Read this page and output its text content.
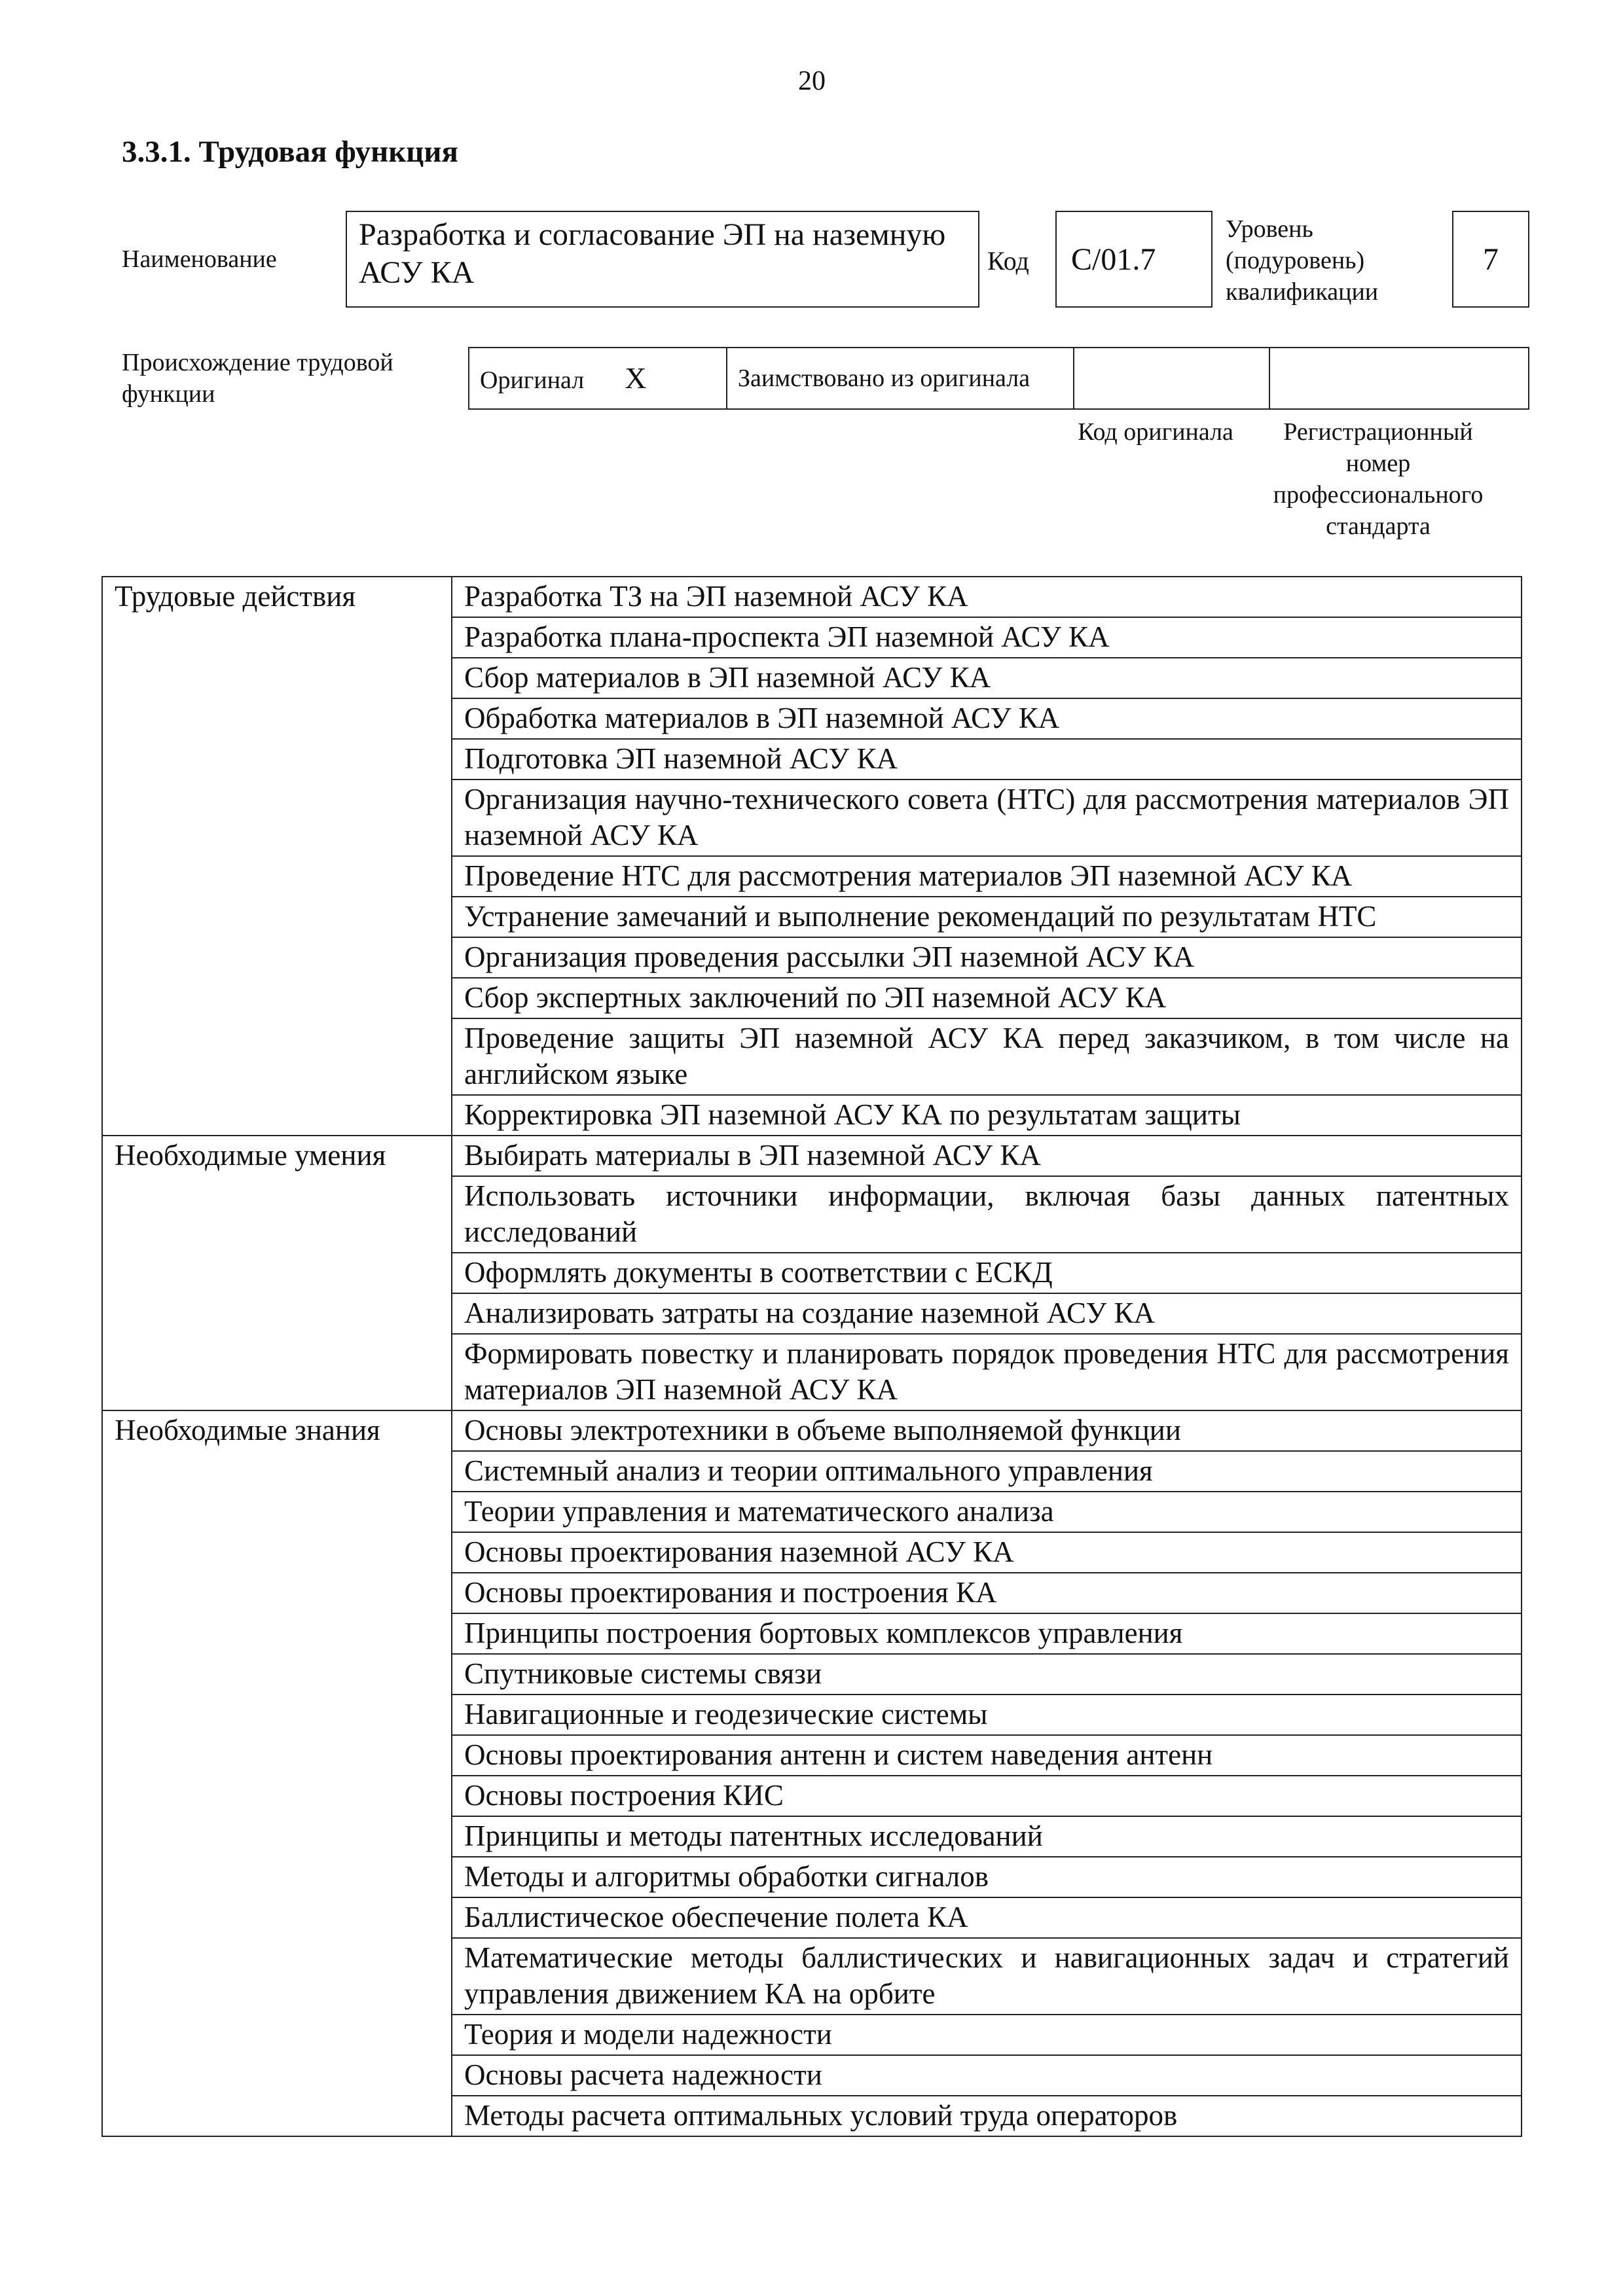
20
3.3.1. Трудовая функция
Наименование
Разработка и согласование ЭП на наземную АСУ КА	Код C/01.7
Уровень
(подуровень)
квалификации
7
Происхождение трудовой функции	Оригинал X	Заимствовано из оригинала

Код оригинала	Регистрационный номер профессионального стандарта
Трудовые действия	Разработка ТЗ на ЭП наземной АСУ КА
	Разработка плана-проспекта ЭП наземной АСУ КА
	Сбор материалов в ЭП наземной АСУ КА
	Обработка материалов в ЭП наземной АСУ КА
	Подготовка ЭП наземной АСУ КА
	Организация научно-технического совета (НТС) для рассмотрения материалов ЭП наземной АСУ КА
	Проведение НТС для рассмотрения материалов ЭП наземной АСУ КА
	Устранение замечаний и выполнение рекомендаций по результатам НТС
	Организация проведения рассылки ЭП наземной АСУ КА
	Сбор экспертных заключений по ЭП наземной АСУ КА
	Проведение защиты ЭП наземной АСУ КА перед заказчиком, в том числе на английском языке
	Корректировка ЭП наземной АСУ КА по результатам защиты
Необходимые умения	Выбирать материалы в ЭП наземной АСУ КА
	Использовать источники информации, включая базы данных патентных исследований
	Оформлять документы в соответствии с ЕСКД
	Анализировать затраты на создание наземной АСУ КА
	Формировать повестку и планировать порядок проведения НТС для рассмотрения материалов ЭП наземной АСУ КА
Необходимые знания	Основы электротехники в объеме выполняемой функции
	Системный анализ и теории оптимального управления
	Теории управления и математического анализа
	Основы проектирования наземной АСУ КА
	Основы проектирования и построения КА
	Принципы построения бортовых комплексов управления
	Спутниковые системы связи
	Навигационные и геодезические системы
	Основы проектирования антенн и систем наведения антенн
	Основы построения КИС
	Принципы и методы патентных исследований
	Методы и алгоритмы обработки сигналов
	Баллистическое обеспечение полета КА
	Математические методы баллистических и навигационных задач и стратегий управления движением КА на орбите
	Теория и модели надежности
	Основы расчета надежности
	Методы расчета оптимальных условий труда операторов
